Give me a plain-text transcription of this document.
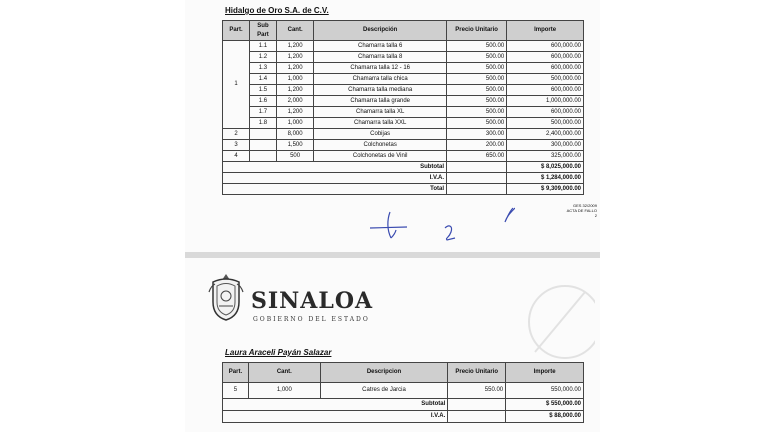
Hidalgo de Oro S.A. de C.V.
Part.	Sub Part	Cant.	Descripción	Precio Unitario	Importe
1	1.1	1,200	Chamarra talla 6	500.00	600,000.00
	1.2	1,200	Chamarra talla 8	500.00	600,000.00
	1.3	1,200	Chamarra talla 12 - 16	500.00	600,000.00
	1.4	1,000	Chamarra talla chica	500.00	500,000.00
	1.5	1,200	Chamarra talla mediana	500.00	600,000.00
	1.6	2,000	Chamarra talla grande	500.00	1,000,000.00
	1.7	1,200	Chamarra talla XL	500.00	600,000.00
	1.8	1,000	Chamarra talla XXL	500.00	500,000.00
2		8,000	Cobijas	300.00	2,400,000.00
3		1,500	Colchonetas	200.00	300,000.00
4		500	Colchonetas de Vinil	650.00	325,000.00
Subtotal					$ 8,025,000.00
I.V.A.					$ 1,284,000.00
Total					$ 9,309,000.00
GES 32/2009
ACTA DE FALLO
2
SINALOA
GOBIERNO DEL ESTADO
Laura Araceli Payán Salazar
Part.	Cant.	Descripcion	Precio Unitario	Importe
5	1,000	Catres de Jarcia	550.00	550,000.00
Subtotal				$ 550,000.00
I.V.A.				$ 88,000.00
